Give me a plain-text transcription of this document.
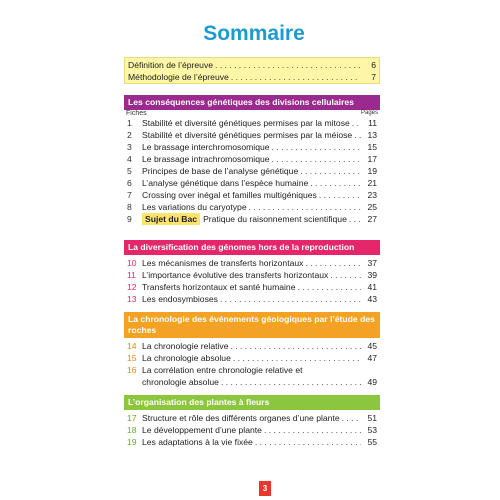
Sommaire
Définition de l’épreuve . . .	6
Méthodologie de l’épreuve . . .	7
Les conséquences génétiques des divisions cellulaires
Fiches	Pages
1	Stabilité et diversité génétiques permises par la mitose . . .	11
2	Stabilité et diversité génétiques permises par la méiose . . .	13
3	Le brassage interchromosomique . . .	15
4	Le brassage intrachromosomique . . .	17
5	Principes de base de l’analyse génétique . . .	19
6	L’analyse génétique dans l’espèce humaine . . .	21
7	Crossing over inégal et familles multigéniques . . .	23
8	Les variations du caryotype . . .	25
9	Sujet du Bac Pratique du raisonnement scientifique . . .	27
La diversification des génomes hors de la reproduction
10 Les mécanismes de transferts horizontaux . . .	37
11 L’importance évolutive des transferts horizontaux . . .	39
12 Transferts horizontaux et santé humaine . . .	41
13 Les endosymbioses . . .	43
La chronologie des événements géologiques par l’étude des roches
14 La chronologie relative . . .	45
15 La chronologie absolue . . .	47
16 La corrélation entre chronologie relative et
chronologie absolue . . .	49
L’organisation des plantes à fleurs
17 Structure et rôle des différents organes d’une plante . . .	51
18 Le développement d’une plante . . .	53
19 Les adaptations à la vie fixée . . .	55
3
